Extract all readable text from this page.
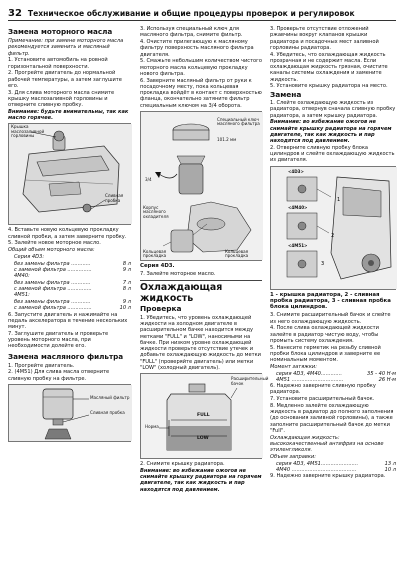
32 Техническое обслуживание и общие процедуры проверок и регулировок
Замена моторного масла
Примечание: при замене моторного масла рекомендуется заменить и масляный фильтр.
1. Установите автомобиль на ровной горизонтальной поверхности.
2. Прогрейте двигатель до нормальной рабочей температуры, а затем заглушите его.
3. Для слива моторного масла снимите крышку маслозаливной горловины и отверните сливную пробку.
Внимание: будьте внимательны, так как масло горячее.
Крышка маслозаливной горловины
Сливная пробка
4. Вставьте новую кольцевую прокладку сливной пробки, а затем заверните пробку.
5. Залейте новое моторное масло.
Общий объем моторного масла:
Серия 4D3:
без замены фильтра ............	8 л
с заменой фильтра ...............	9 л
4M40:
без замены фильтра ............	7 л
с заменой фильтра ...............	8 л
4M51:
без замены фильтра ............	9 л
с заменой фильтра ...............	10 л
6. Запустите двигатель и нажимайте на педаль акселератора в течение нескольких минут.
7. Заглушите двигатель и проверьте уровень моторного масла, при необходимости долейте его.
Замена масляного фильтра
1. Прогрейте двигатель.
2. (4M51) Для слива масла отверните сливную пробку на фильтре.
Масляный фильтр
Сливная пробка
3. Используя специальный ключ для масляного фильтра, снимите фильтр.
4. Очистите прилегающую к масляному фильтру поверхность масляного фильтра двигателя.
5. Смажьте небольшим количеством чистого моторного масла кольцевую прокладку нового фильтра.
6. Заверните масляный фильтр от руки к посадочному месту, пока кольцевая прокладка войдёт в контакт с поверхностью фланца, окончательно затяните фильтр специальным ключом на 3/4 оборота.
Специальный ключ масляного фильтра
101.2 мм
3/4
Корпус масляного охладителя
Кольцевая прокладка
Кольцевая прокладка
Серия 4D3.
7. Залейте моторное масло.
Охлаждающая жидкость
Проверка
1. Убедитесь, что уровень охлаждающей жидкости на холодном двигателе в расширительном бачке находится между метками "FULL" и "LOW", наносимыми на бачке. При низком уровне охлаждающей жидкости проверьте отсутствие утечек и добавьте охлаждающую жидкость до метки "FULL" (проверяйте двигатель) или метки "LOW" (холодный двигатель).
Расширительный бачок
FULL
LOW
Норма
2. Снимите крышку радиатора.
Внимание: во избежание ожогов не снимайте крышку радиатора на горячем двигателе, так как жидкость и пар находятся под давлением.
3. Проверьте отсутствие отложений ржавчины вокруг клапанов крышки радиатора и посадочных мест заливной горловины радиатора.
4. Убедитесь, что охлаждающая жидкость прозрачная и не содержит масла. Если охлаждающая жидкость грязная, очистите каналы системы охлаждения и замените жидкость.
5. Установите крышку радиатора на место.
Замена
1. Слейте охлаждающую жидкость из радиатора, отвернув сначала сливную пробку радиатора, а затем крышку радиатора.
Внимание: во избежание ожогов не снимайте крышку радиатора на горячем двигателе, так как жидкость и пар находятся под давлением.
2. Отверните сливную пробку блока цилиндров и слейте охлаждающую жидкость из двигателя.
1
2
3
<4D3>
<4M40>
<4M51>
1 - крышка радиатора, 2 - сливная пробка радиатора, 3 - сливная пробка блока цилиндров.
3. Снимите расширительный бачок и слейте из него охлаждающую жидкость.
4. После слива охлаждающей жидкости залейте в радиатор чистую воду, чтобы промыть систему охлаждения.
5. Нанесите герметик на резьбу сливной пробки блока цилиндров и заверните ее номинальным моментом.
Момент затяжки:
серия 4D3, 4M40.............	35 - 40 Н·м
4M51 ................................	26 Н·м
6. Надежно заверните сливную пробку радиатора.
7. Установите расширительный бачок.
8. Медленно залейте охлаждающую жидкость в радиатор до полного заполнения (до основания заливной горловины), а также заполните расширительный бачок до метки "Full".
Охлаждающая жидкость: высококачественный антифриз на основе этиленгликоля.
Объем заправки:
серия 4D3, 4M51.......................	13 л
4M40 ........................................	10 л
9. Надежно заверните крышку радиатора.
